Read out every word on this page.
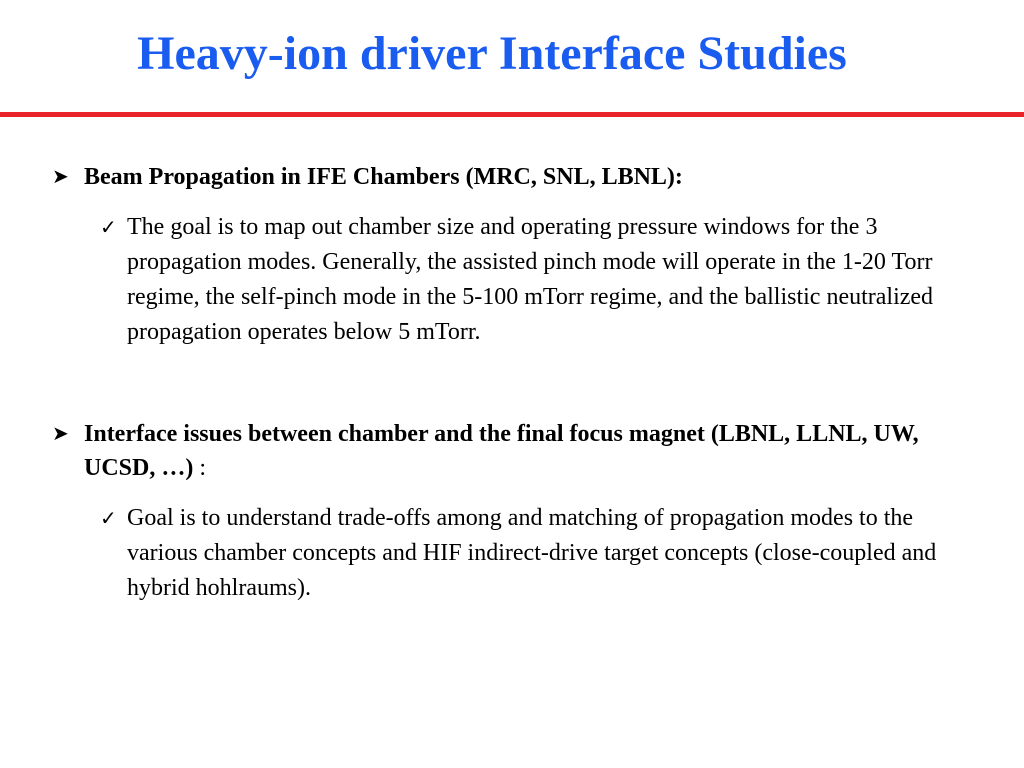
Heavy-ion driver Interface Studies
➤ Beam Propagation in IFE Chambers (MRC, SNL, LBNL):
✓ The goal is to map out chamber size and operating pressure windows for the 3 propagation modes. Generally, the assisted pinch mode will operate in the 1-20 Torr regime, the self-pinch mode in the 5-100 mTorr regime, and the ballistic neutralized propagation operates below 5 mTorr.
➤ Interface issues between chamber and the final focus magnet (LBNL, LLNL, UW, UCSD, …) :
✓ Goal is to understand trade-offs among and matching of propagation modes to the various chamber concepts and HIF indirect-drive target concepts (close-coupled and hybrid hohlraums).
